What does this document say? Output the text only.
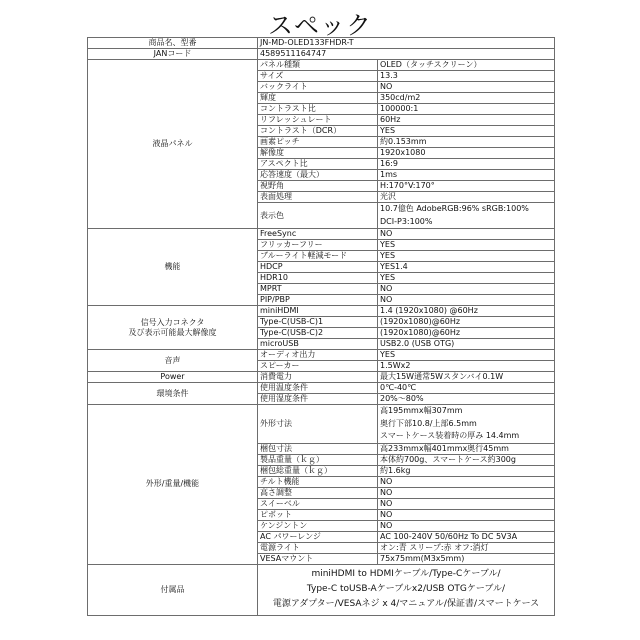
スペック
商品名、型番	JN-MD-OLED133FHDR-T	
JANコード	4589511164747	
液晶パネル	パネル種類	OLED（タッチスクリーン）
	サイズ	13.3
	バックライト	NO
	輝度	350cd/m2
	コントラスト比	100000:1
	リフレッシュレート	60Hz
	コントラスト（DCR）	YES
	画素ピッチ	約0.153mm
	解像度	1920x1080
	アスペクト比	16:9
	応答速度（最大）	1ms
	視野角	H:170°V:170°
	表面処理	光沢
	表示色	10.7億色 AdobeRGB:96% sRGB:100%
DCI-P3:100%

機能	FreeSync	NO
	フリッカーフリー	YES
	ブルーライト軽減モード	YES
	HDCP	YES1.4
	HDR10	YES
	MPRT	NO
	PIP/PBP	NO

信号入力コネクタ
及び表示可能最大解像度	miniHDMI	1.4 (1920x1080) @60Hz
	Type-C(USB-C)1	(1920x1080)@60Hz
	Type-C(USB-C)2	(1920x1080)@60Hz
	microUSB	USB2.0 (USB OTG)
音声	オーディオ出力	YES
	スピーカー	1.5Wx2
Power	消費電力	最大15W通常5Wスタンバイ0.1W
環境条件	使用温度条件	0℃-40℃
	使用湿度条件	20%〜80%
外形/重量/機能	外形寸法	高195mmx幅307mm
奥行下部10.8/上部6.5mm
スマートケース装着時の厚み 14.4mm

	梱包寸法	高233mmx幅401mmx奥行45mm
	製品重量（ｋｇ）	本体約700g、スマートケース約300g
	梱包総重量（ｋｇ）	約1.6kg
	チルト機能	NO
	高さ調整	NO
	スイーベル	NO
	ピボット	NO
	ケンジントン	NO
	AC パワーレンジ	AC 100-240V 50/60Hz To DC 5V3A
	電源ライト	オン:青 スリープ:赤 オフ:消灯
	VESAマウント	75x75mm(M3x5mm)
付属品	miniHDMI to HDMIケーブル/Type-Cケーブル/
Type-C toUSB-Aケーブルx2/USB OTGケーブル/
電源アダプター/VESAネジ x 4/マニュアル/保証書/スマートケース	
